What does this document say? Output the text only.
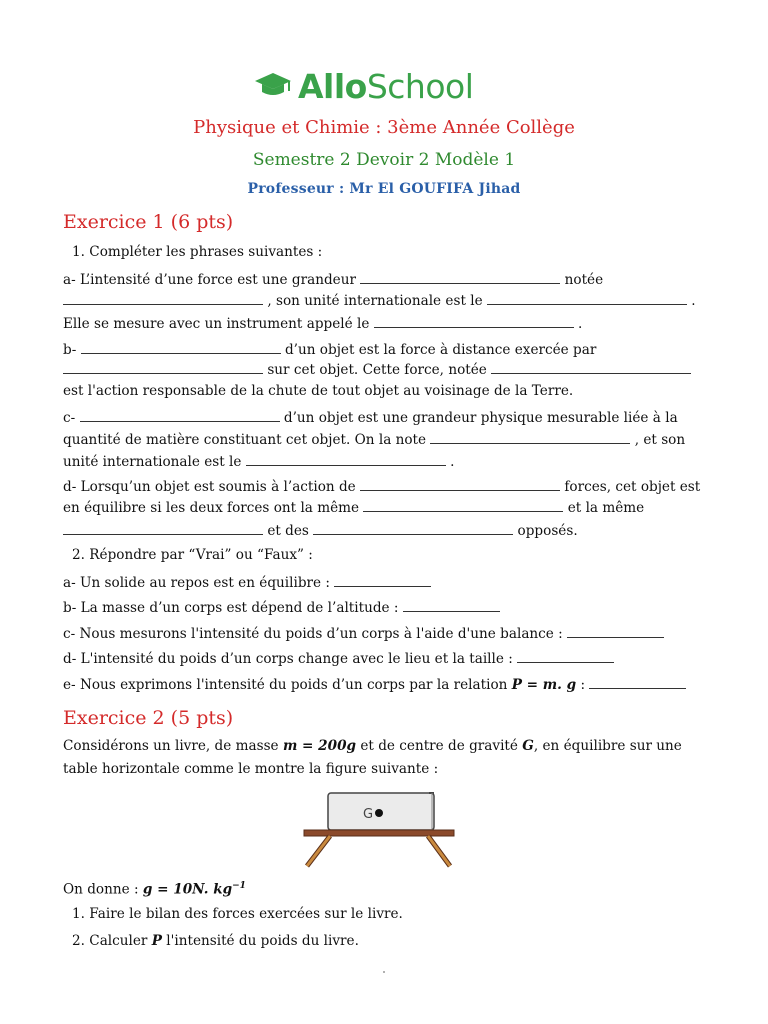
AlloSchool
Physique et Chimie : 3ème Année Collège
Semestre 2 Devoir 2 Modèle 1
Professeur : Mr El GOUFIFA Jihad
Exercice 1 (6 pts)
1. Compléter les phrases suivantes :
a- L’intensité d’une force est une grandeur	notée
, son unité internationale est le	.
Elle se mesure avec un instrument appelé le	.
b-	d’un objet est la force à distance exercée par
sur cet objet. Cette force, notée
est l'action responsable de la chute de tout objet au voisinage de la Terre.
c-	d’un objet est une grandeur physique mesurable liée à la
quantité de matière constituant cet objet. On la note	, et son
unité internationale est le	.
d- Lorsqu’un objet est soumis à l’action de	forces, cet objet est
en équilibre si les deux forces ont la même	et la même
et des	opposés.
2. Répondre par “Vrai” ou “Faux” :
a- Un solide au repos est en équilibre :
b- La masse d’un corps est dépend de l’altitude :
c- Nous mesurons l'intensité du poids d’un corps à l'aide d'une balance :
d- L'intensité du poids d’un corps change avec le lieu et la taille :
e- Nous exprimons l'intensité du poids d’un corps par la relation P = m. g :
Exercice 2 (5 pts)
Considérons un livre, de masse m = 200g et de centre de gravité G, en équilibre sur une
table horizontale comme le montre la figure suivante :
G
On donne : g = 10N. $kg^{-1}$
1. Faire le bilan des forces exercées sur le livre.
2. Calculer P l'intensité du poids du livre.
